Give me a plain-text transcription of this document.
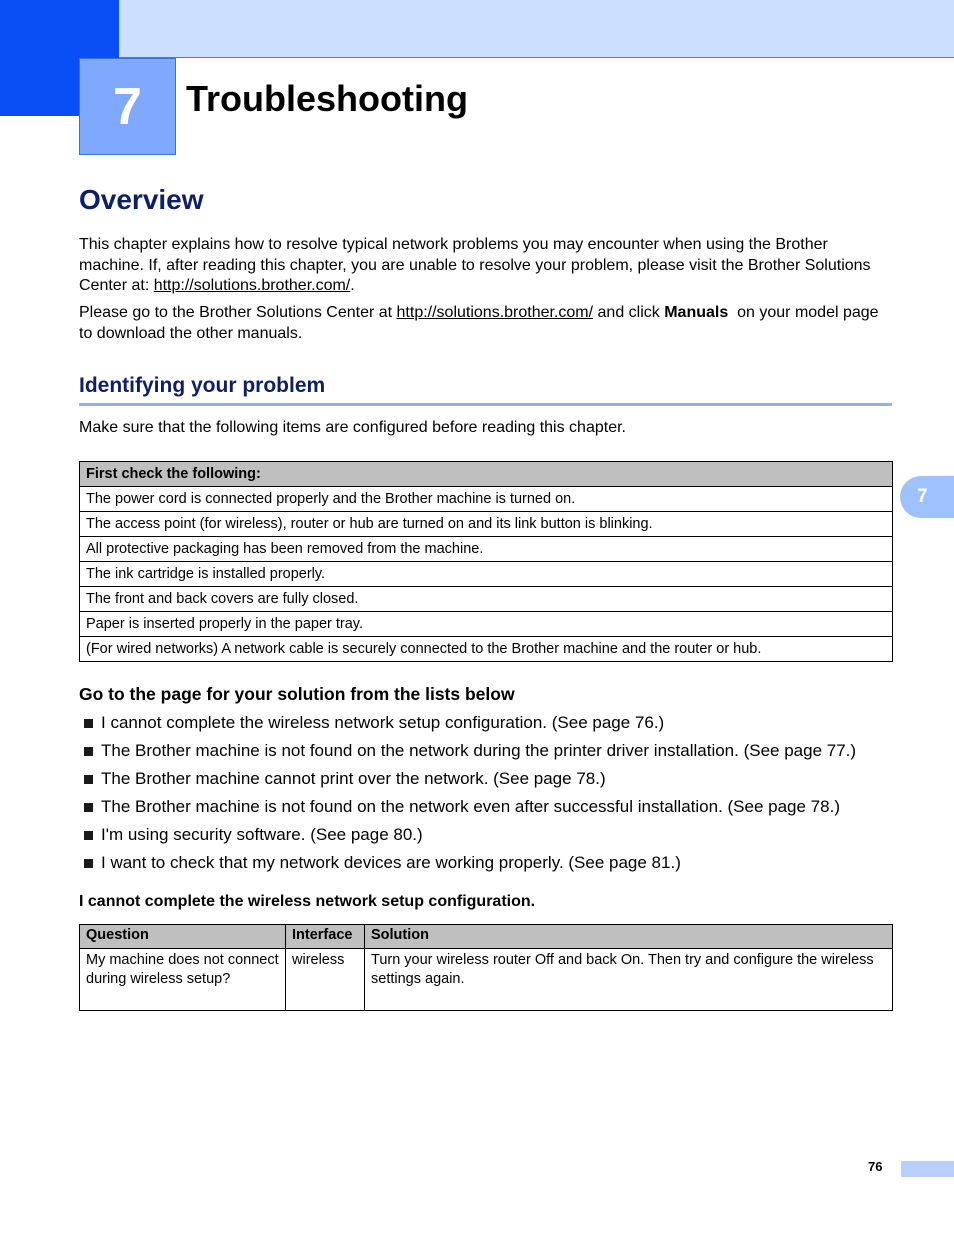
7 Troubleshooting
7
Overview

This chapter explains how to resolve typical network problems you may encounter when using the Brother machine. If, after reading this chapter, you are unable to resolve your problem, please visit the Brother Solutions Center at: http://solutions.brother.com/.

Please go to the Brother Solutions Center at http://solutions.brother.com/ and click Manuals  on your model page to download the other manuals.

Identifying your problem

Make sure that the following items are configured before reading this chapter.

First check the following:
The power cord is connected properly and the Brother machine is turned on.
The access point (for wireless), router or hub are turned on and its link button is blinking.
All protective packaging has been removed from the machine.
The ink cartridge is installed properly.
The front and back covers are fully closed.
Paper is inserted properly in the paper tray.
(For wired networks) A network cable is securely connected to the Brother machine and the router or hub.
Go to the page for your solution from the lists below
I cannot complete the wireless network setup configuration. (See page 76.)
The Brother machine is not found on the network during the printer driver installation. (See page 77.)
The Brother machine cannot print over the network. (See page 78.)
The Brother machine is not found on the network even after successful installation. (See page 78.)
I'm using security software. (See page 80.)
I want to check that my network devices are working properly. (See page 81.)
I cannot complete the wireless network setup configuration.
Question	Interface	Solution
My machine does not connect during wireless setup?	wireless	Turn your wireless router Off and back On. Then try and configure the wireless settings again.
76
